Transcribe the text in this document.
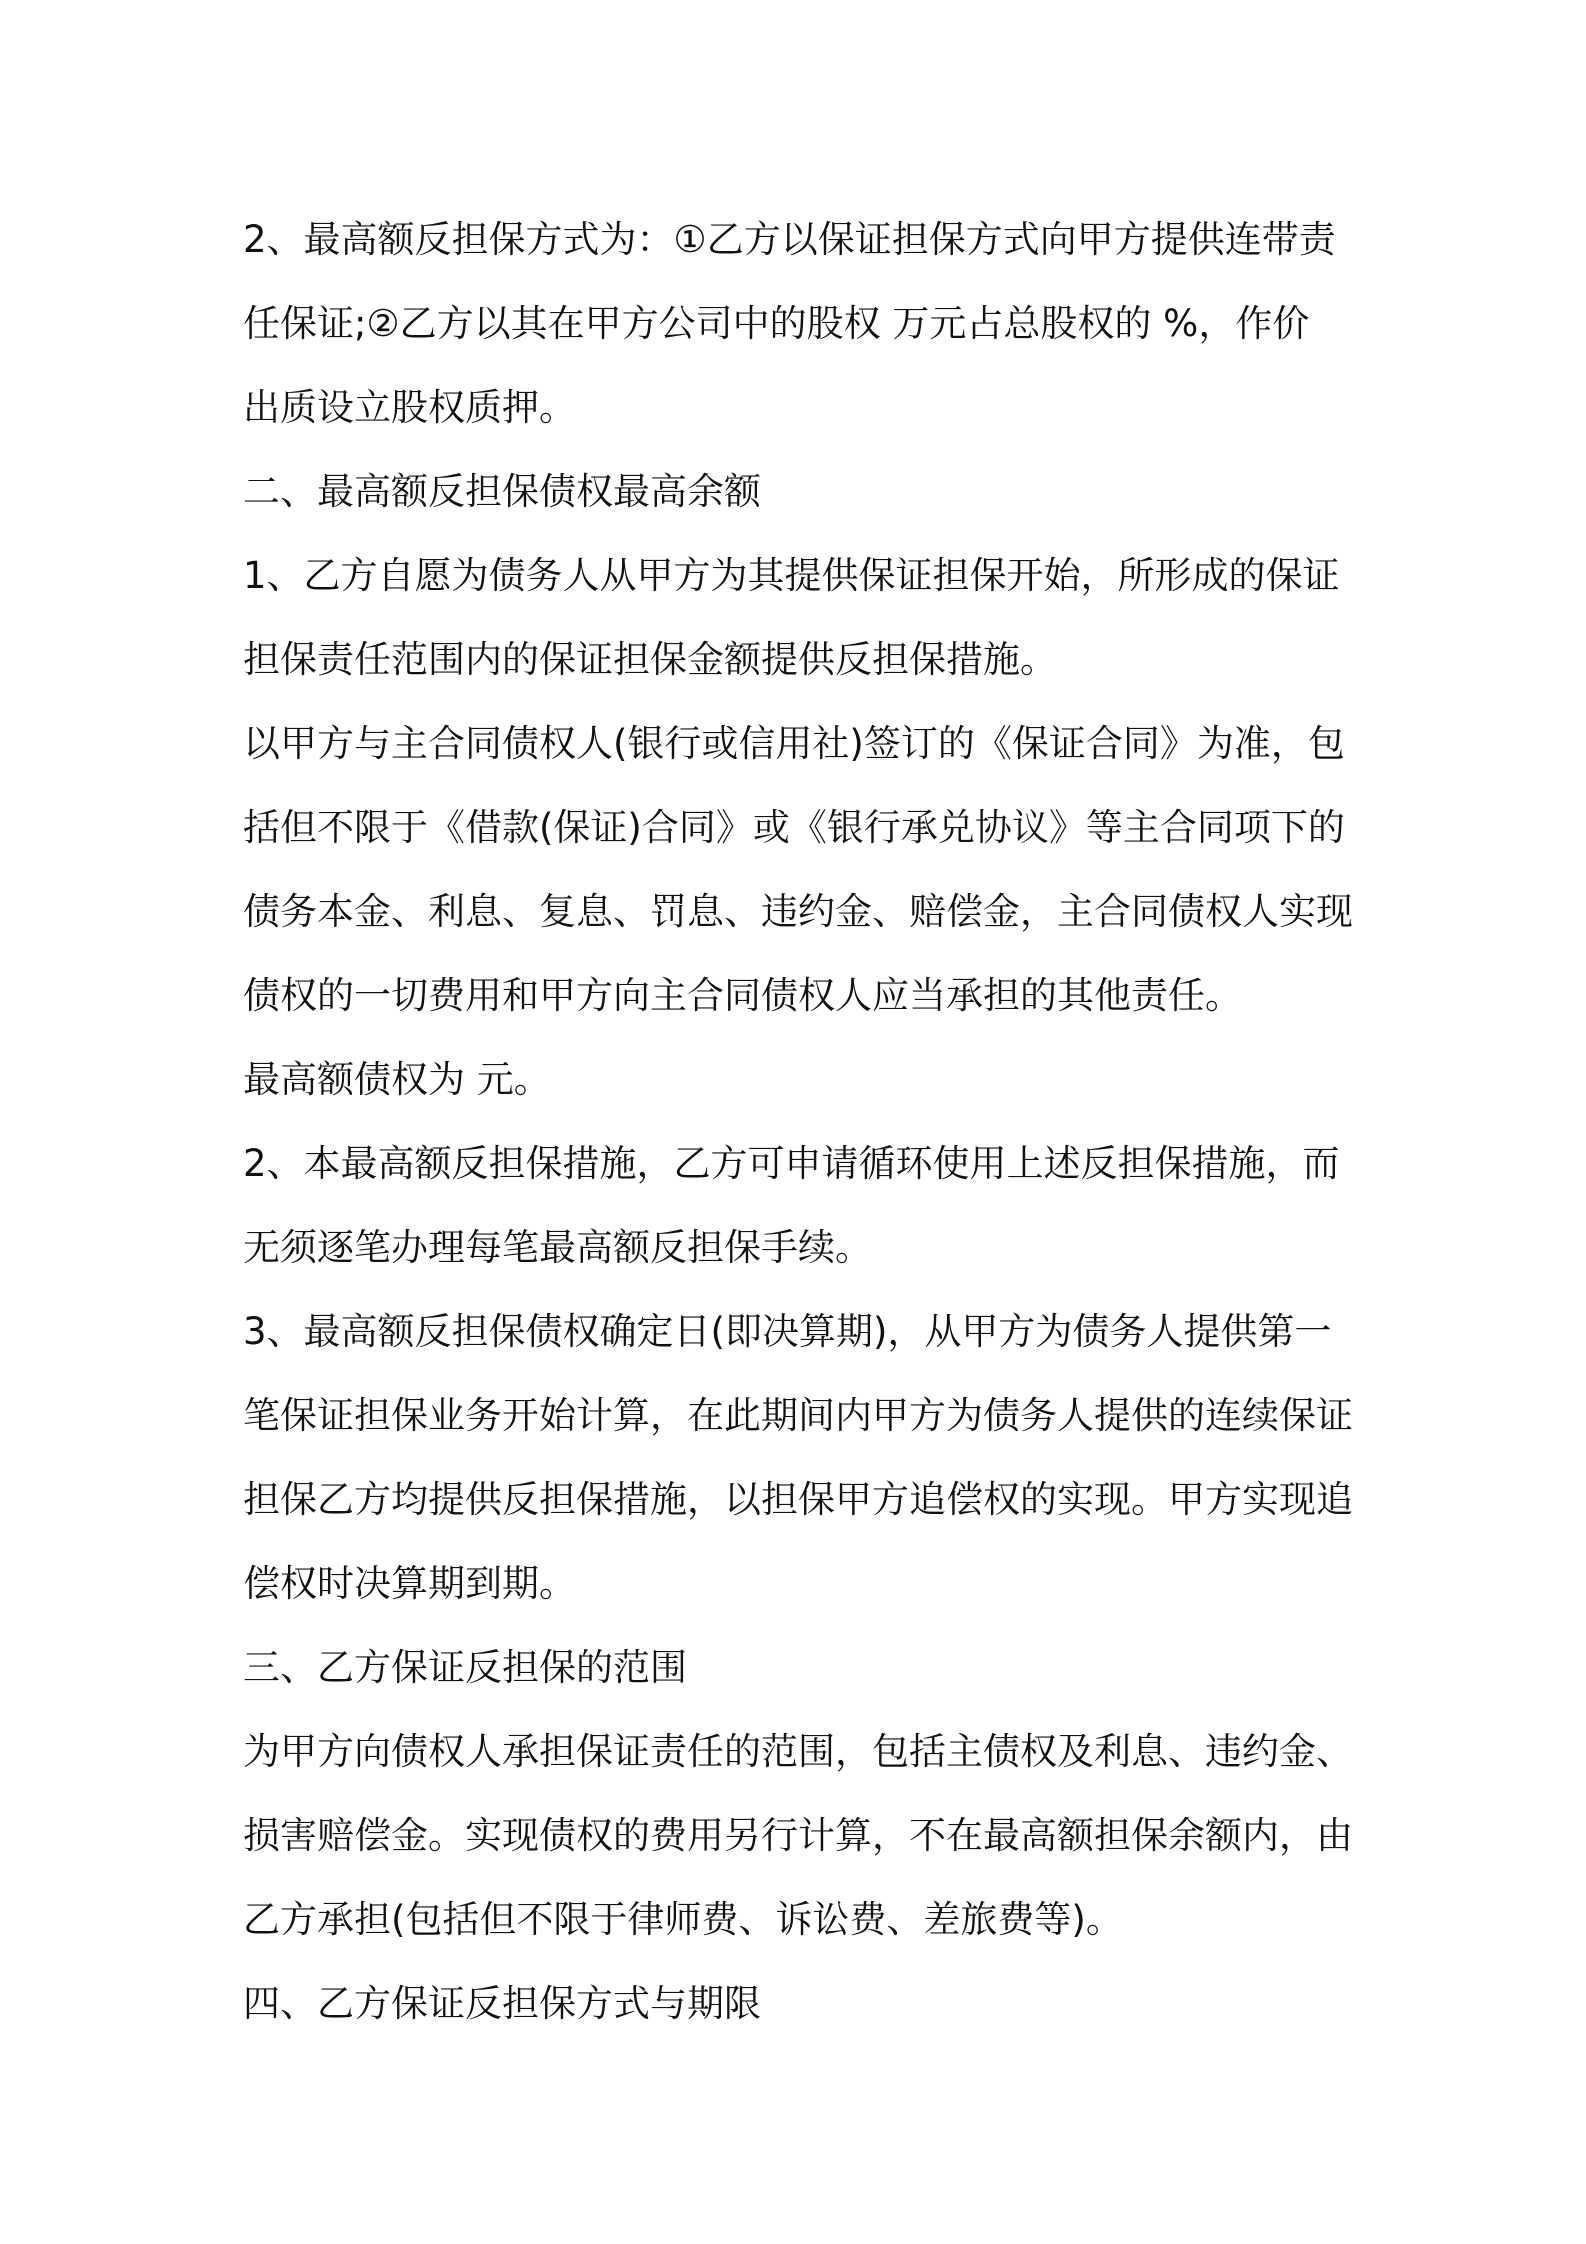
2、最高额反担保方式为：①乙方以保证担保方式向甲方提供连带责
任保证;②乙方以其在甲方公司中的股权 万元占总股权的 %，作价
出质设立股权质押。
二、最高额反担保债权最高余额
1、乙方自愿为债务人从甲方为其提供保证担保开始，所形成的保证
担保责任范围内的保证担保金额提供反担保措施。
以甲方与主合同债权人(银行或信用社)签订的《保证合同》为准，包
括但不限于《借款(保证)合同》或《银行承兑协议》等主合同项下的
债务本金、利息、复息、罚息、违约金、赔偿金，主合同债权人实现
债权的一切费用和甲方向主合同债权人应当承担的其他责任。
最高额债权为 元。
2、本最高额反担保措施，乙方可申请循环使用上述反担保措施，而
无须逐笔办理每笔最高额反担保手续。
3、最高额反担保债权确定日(即决算期)，从甲方为债务人提供第一
笔保证担保业务开始计算，在此期间内甲方为债务人提供的连续保证
担保乙方均提供反担保措施，以担保甲方追偿权的实现。甲方实现追
偿权时决算期到期。
三、乙方保证反担保的范围
为甲方向债权人承担保证责任的范围，包括主债权及利息、违约金、
损害赔偿金。实现债权的费用另行计算，不在最高额担保余额内，由
乙方承担(包括但不限于律师费、诉讼费、差旅费等)。
四、乙方保证反担保方式与期限
